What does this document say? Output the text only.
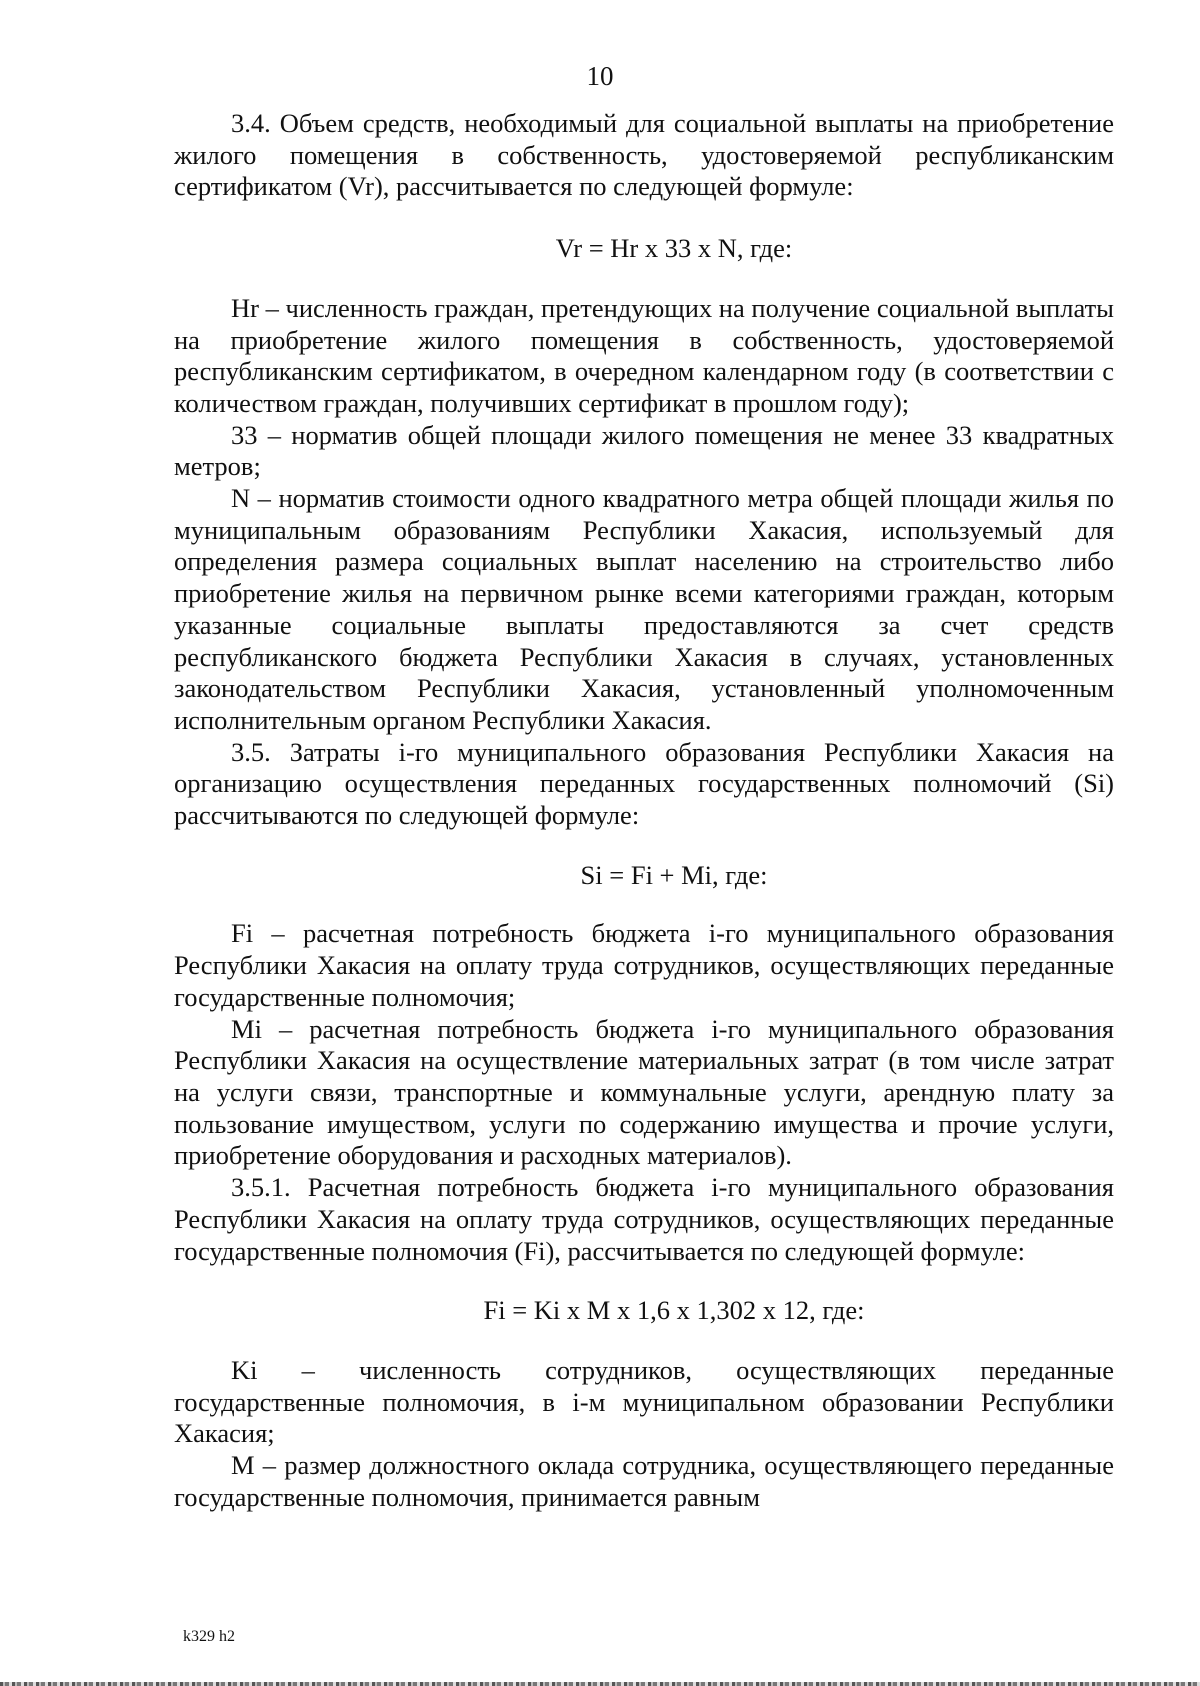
10

3.4. Объем средств, необходимый для социальной выплаты на приобретение жилого помещения в собственность, удостоверяемой республиканским сертификатом (Vr), рассчитывается по следующей формуле:

Vr = Hr х 33 х N, где:

Hr – численность граждан, претендующих на получение социальной выплаты на приобретение жилого помещения в собственность, удостоверяемой республиканским сертификатом, в очередном календарном году (в соответствии с количеством граждан, получивших сертификат в прошлом году);

33 – норматив общей площади жилого помещения не менее 33 квадратных метров;

N – норматив стоимости одного квадратного метра общей площади жилья по муниципальным образованиям Республики Хакасия, используемый для определения размера социальных выплат населению на строительство либо приобретение жилья на первичном рынке всеми категориями граждан, которым указанные социальные выплаты предоставляются за счет средств республиканского бюджета Республики Хакасия в случаях, установленных законодательством Республики Хакасия, установленный уполномоченным исполнительным органом Республики Хакасия.

3.5. Затраты i-го муниципального образования Республики Хакасия на организацию осуществления переданных государственных полномочий (Si) рассчитываются по следующей формуле:

Si = Fi + Mi, где:

Fi – расчетная потребность бюджета i-го муниципального образования Республики Хакасия на оплату труда сотрудников, осуществляющих переданные государственные полномочия;

Mi – расчетная потребность бюджета i-го муниципального образования Республики Хакасия на осуществление материальных затрат (в том числе затрат на услуги связи, транспортные и коммунальные услуги, арендную плату за пользование имуществом, услуги по содержанию имущества и прочие услуги, приобретение оборудования и расходных материалов).

3.5.1. Расчетная потребность бюджета i-го муниципального образования Республики Хакасия на оплату труда сотрудников, осуществляющих переданные государственные полномочия (Fi), рассчитывается по следующей формуле:

Fi = Ki х M х 1,6 х 1,302 х 12, где:

Ki – численность сотрудников, осуществляющих переданные государственные полномочия, в i-м муниципальном образовании Республики Хакасия;

M – размер должностного оклада сотрудника, осуществляющего переданные государственные полномочия, принимается равным

k329 h2
